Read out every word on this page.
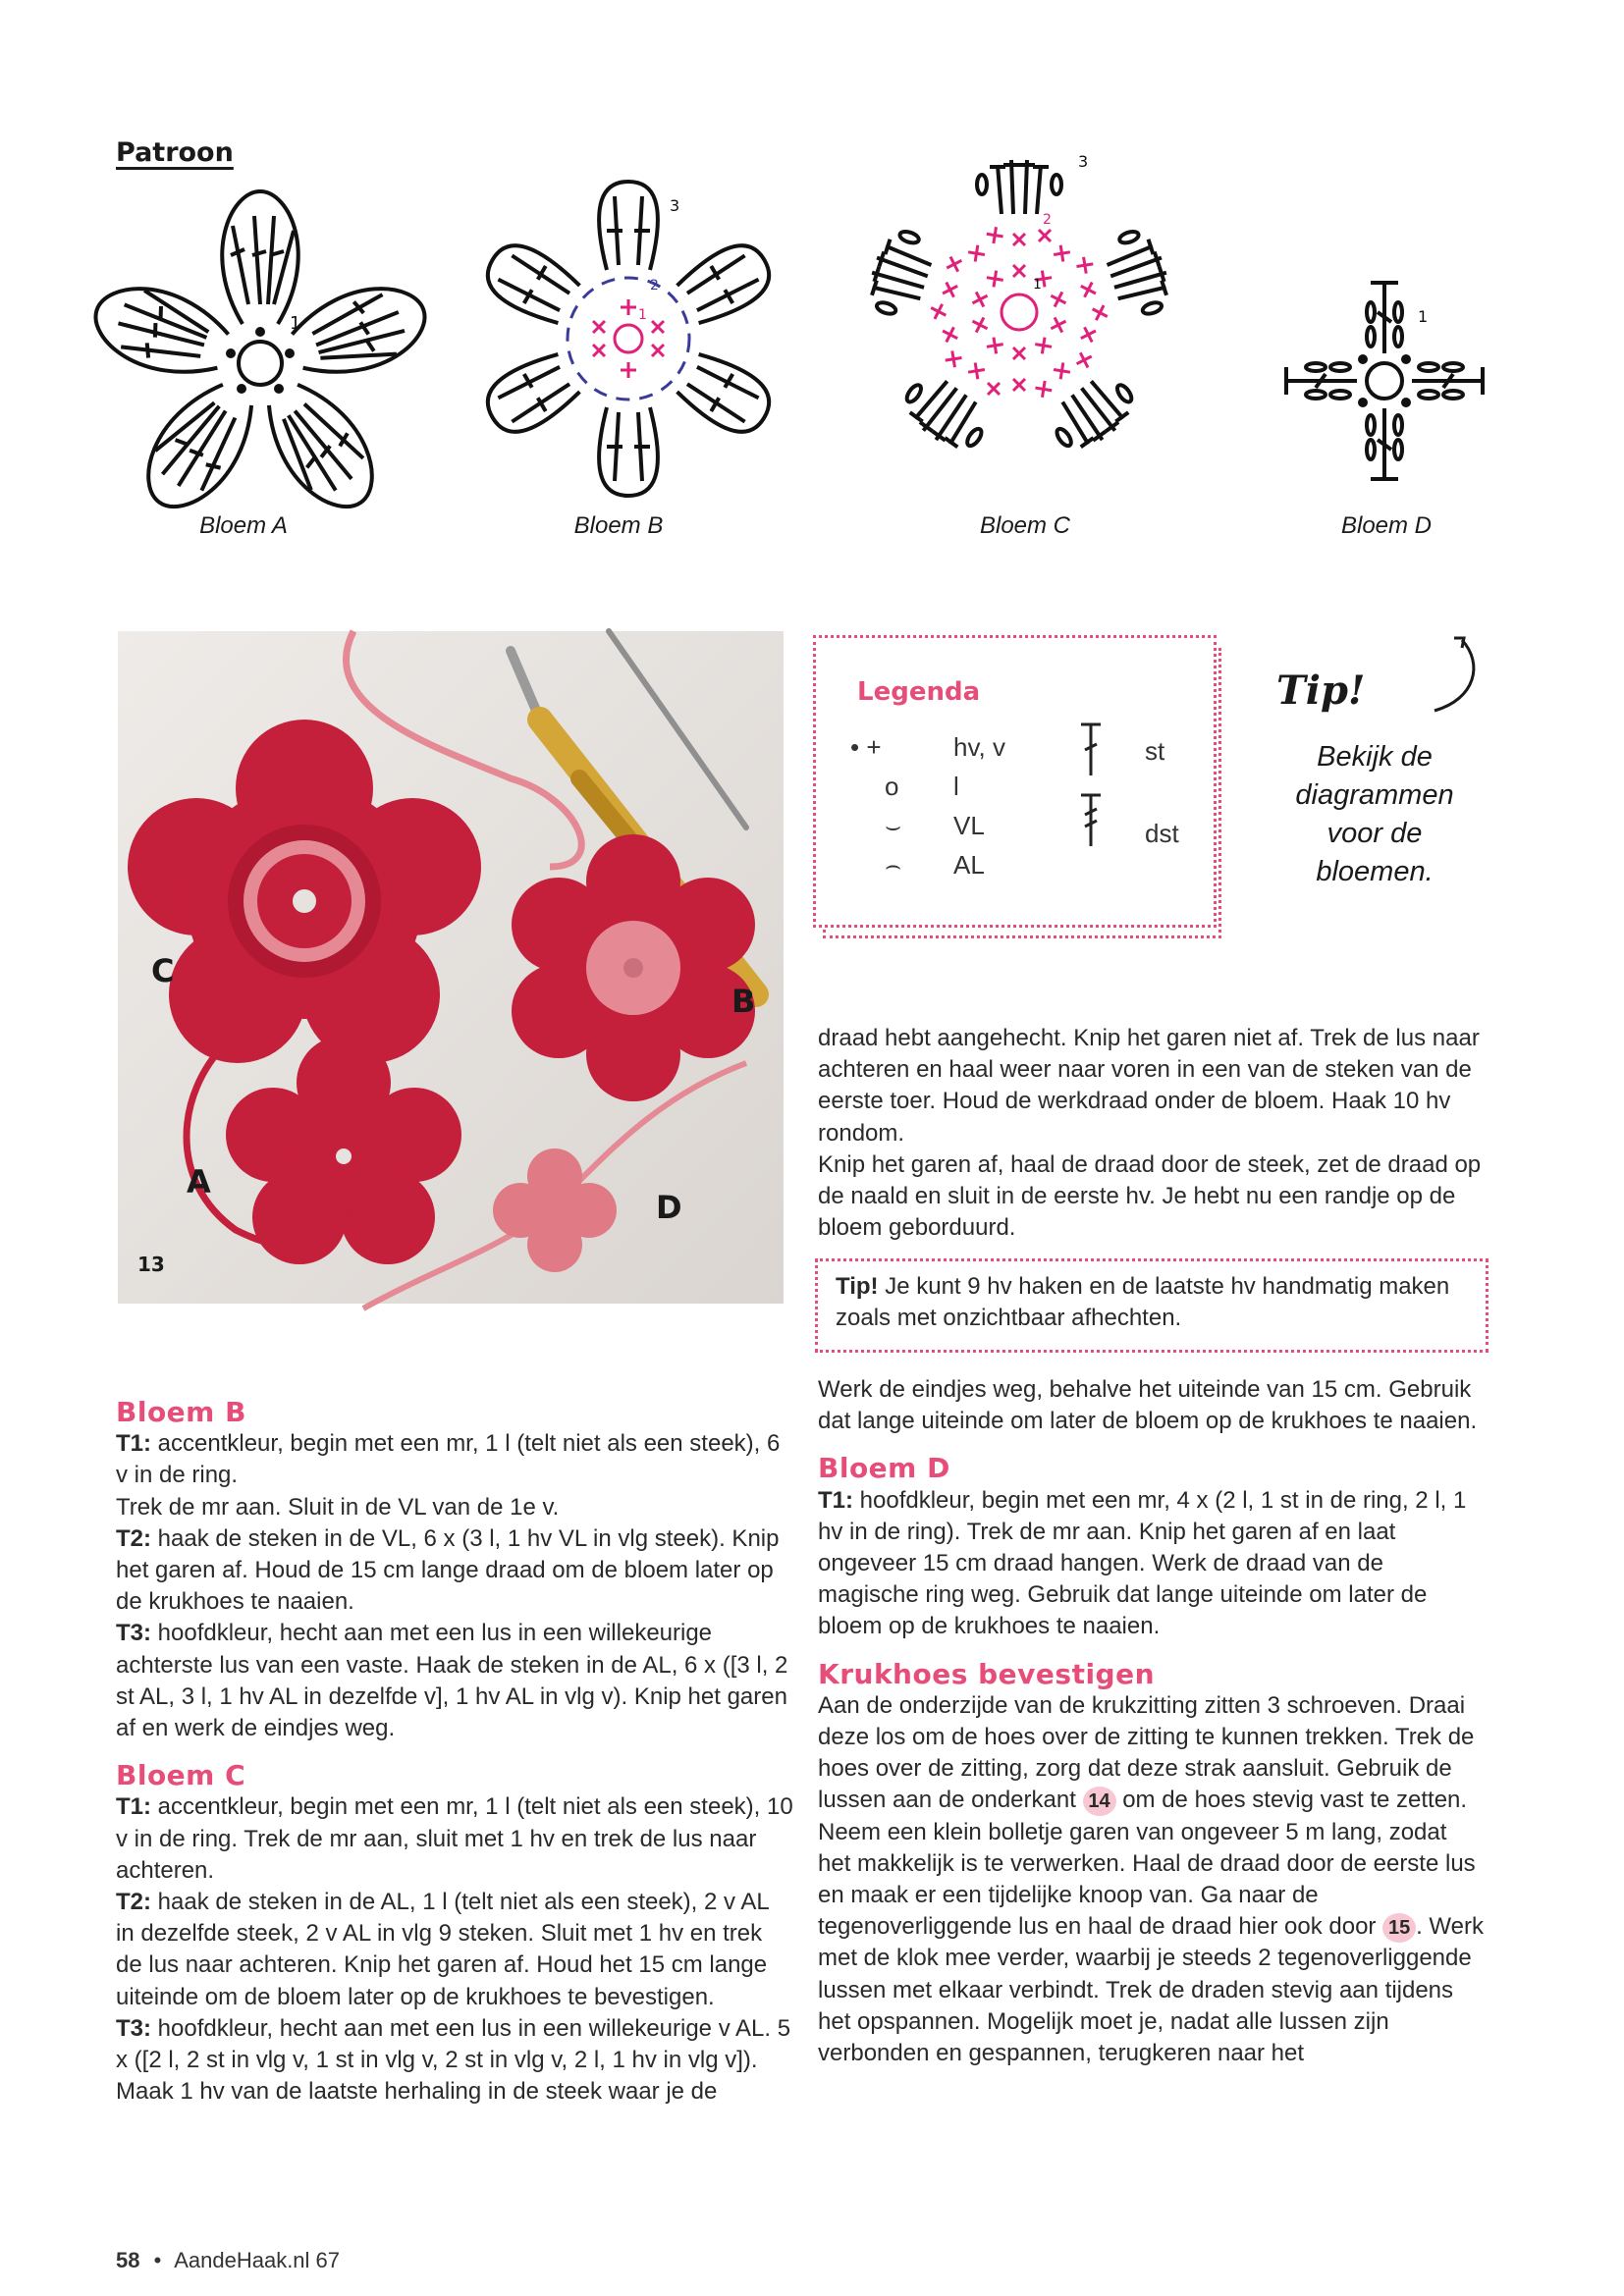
Patroon
1
3
2
1
3
2
1
1
Bloem A	Bloem B	Bloem C	Bloem D
C
B
A
D
13
Legenda
• +	hv, v
o l
⌣ VL
⌢ AL
st
dst
Tip!
Bekijk de diagrammen voor de bloemen.

draad hebt aangehecht. Knip het garen niet af. Trek de lus naar achteren en haal weer naar voren in een van de steken van de eerste toer. Houd de werkdraad onder de bloem. Haak 10 hv rondom.

Knip het garen af, haal de draad door de steek, zet de draad op de naald en sluit in de eerste hv. Je hebt nu een randje op de bloem geborduurd.

Tip! Je kunt 9 hv haken en de laatste hv handmatig maken zoals met onzichtbaar afhechten.

Werk de eindjes weg, behalve het uiteinde van 15 cm. Gebruik dat lange uiteinde om later de bloem op de krukhoes te naaien.

Bloem D

T1: hoofdkleur, begin met een mr, 4 x (2 l, 1 st in de ring, 2 l, 1 hv in de ring). Trek de mr aan. Knip het garen af en laat ongeveer 15 cm draad hangen. Werk de draad van de magische ring weg. Gebruik dat lange uiteinde om later de bloem op de krukhoes te naaien.

Krukhoes bevestigen

Aan de onderzijde van de krukzitting zitten 3 schroeven. Draai deze los om de hoes over de zitting te kunnen trekken. Trek de hoes over de zitting, zorg dat deze strak aansluit. Gebruik de lussen aan de onderkant 14 om de hoes stevig vast te zetten.

Neem een klein bolletje garen van ongeveer 5 m lang, zodat het makkelijk is te verwerken. Haal de draad door de eerste lus en maak er een tijdelijke knoop van. Ga naar de tegenoverliggende lus en haal de draad hier ook door 15 . Werk met de klok mee verder, waarbij je steeds 2 tegenoverliggende lussen met elkaar verbindt. Trek de draden stevig aan tijdens het opspannen. Mogelijk moet je, nadat alle lussen zijn verbonden en gespannen, terugkeren naar het

Bloem B

T1: accentkleur, begin met een mr, 1 l (telt niet als een steek), 6 v in de ring.

Trek de mr aan. Sluit in de VL van de 1e v.

T2: haak de steken in de VL, 6 x (3 l, 1 hv VL in vlg steek). Knip het garen af. Houd de 15 cm lange draad om de bloem later op de krukhoes te naaien.

T3: hoofdkleur, hecht aan met een lus in een willekeurige achterste lus van een vaste. Haak de steken in de AL, 6 x ([3 l, 2 st AL, 3 l, 1 hv AL in dezelfde v], 1 hv AL in vlg v). Knip het garen af en werk de eindjes weg.

Bloem C

T1: accentkleur, begin met een mr, 1 l (telt niet als een steek), 10 v in de ring. Trek de mr aan, sluit met 1 hv en trek de lus naar achteren.

T2: haak de steken in de AL, 1 l (telt niet als een steek), 2 v AL in dezelfde steek, 2 v AL in vlg 9 steken. Sluit met 1 hv en trek de lus naar achteren. Knip het garen af. Houd het 15 cm lange uiteinde om de bloem later op de krukhoes te bevestigen.

T3: hoofdkleur, hecht aan met een lus in een willekeurige v AL. 5 x ([2 l, 2 st in vlg v, 1 st in vlg v, 2 st in vlg v, 2 l, 1 hv in vlg v]). Maak 1 hv van de laatste herhaling in de steek waar je de

58 • AandeHaak.nl 67
